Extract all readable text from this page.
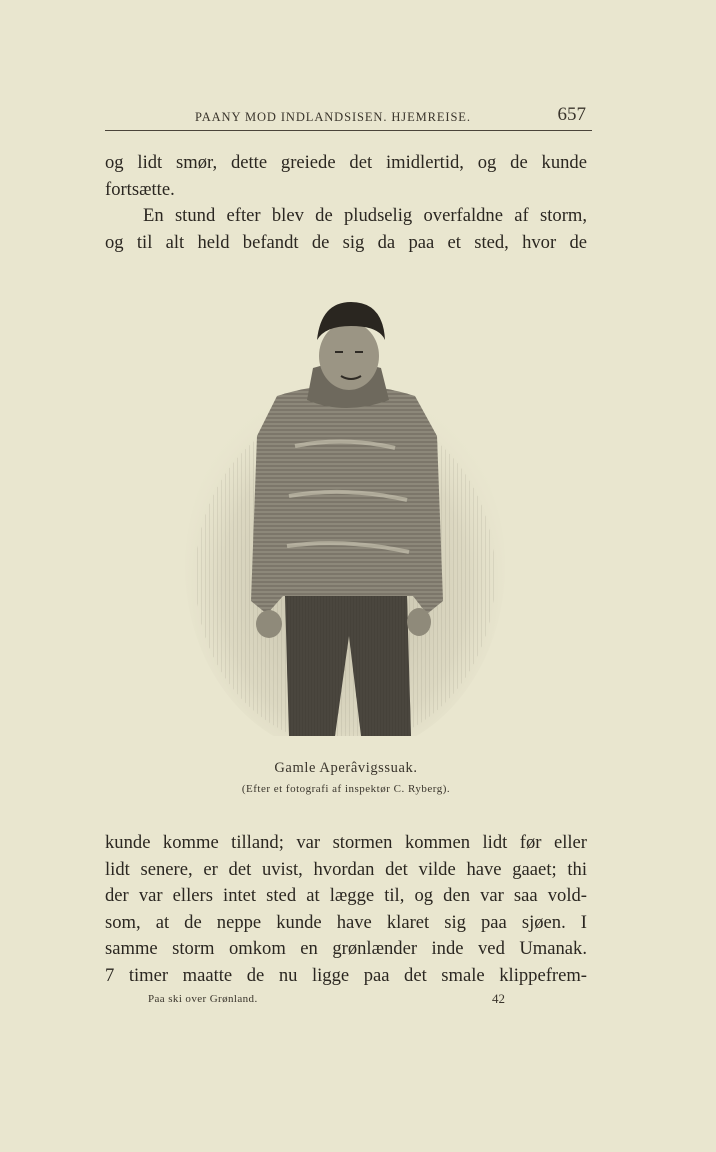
PAANY MOD INDLANDSISEN. HJEMREISE.	657
og lidt smør, dette greiede det imidlertid, og de kunde
fortsætte.
En stund efter blev de pludselig overfaldne af storm,
og til alt held befandt de sig da paa et sted, hvor de
Gamle Aperâvigssuak.
(Efter et fotografi af inspektør C. Ryberg).
kunde komme tilland; var stormen kommen lidt før eller
lidt senere, er det uvist, hvordan det vilde have gaaet; thi
der var ellers intet sted at lægge til, og den var saa vold-
som, at de neppe kunde have klaret sig paa sjøen. I
samme storm omkom en grønlænder inde ved Umanak.
7 timer maatte de nu ligge paa det smale klippefrem-
Paa ski over Grønland.	42
